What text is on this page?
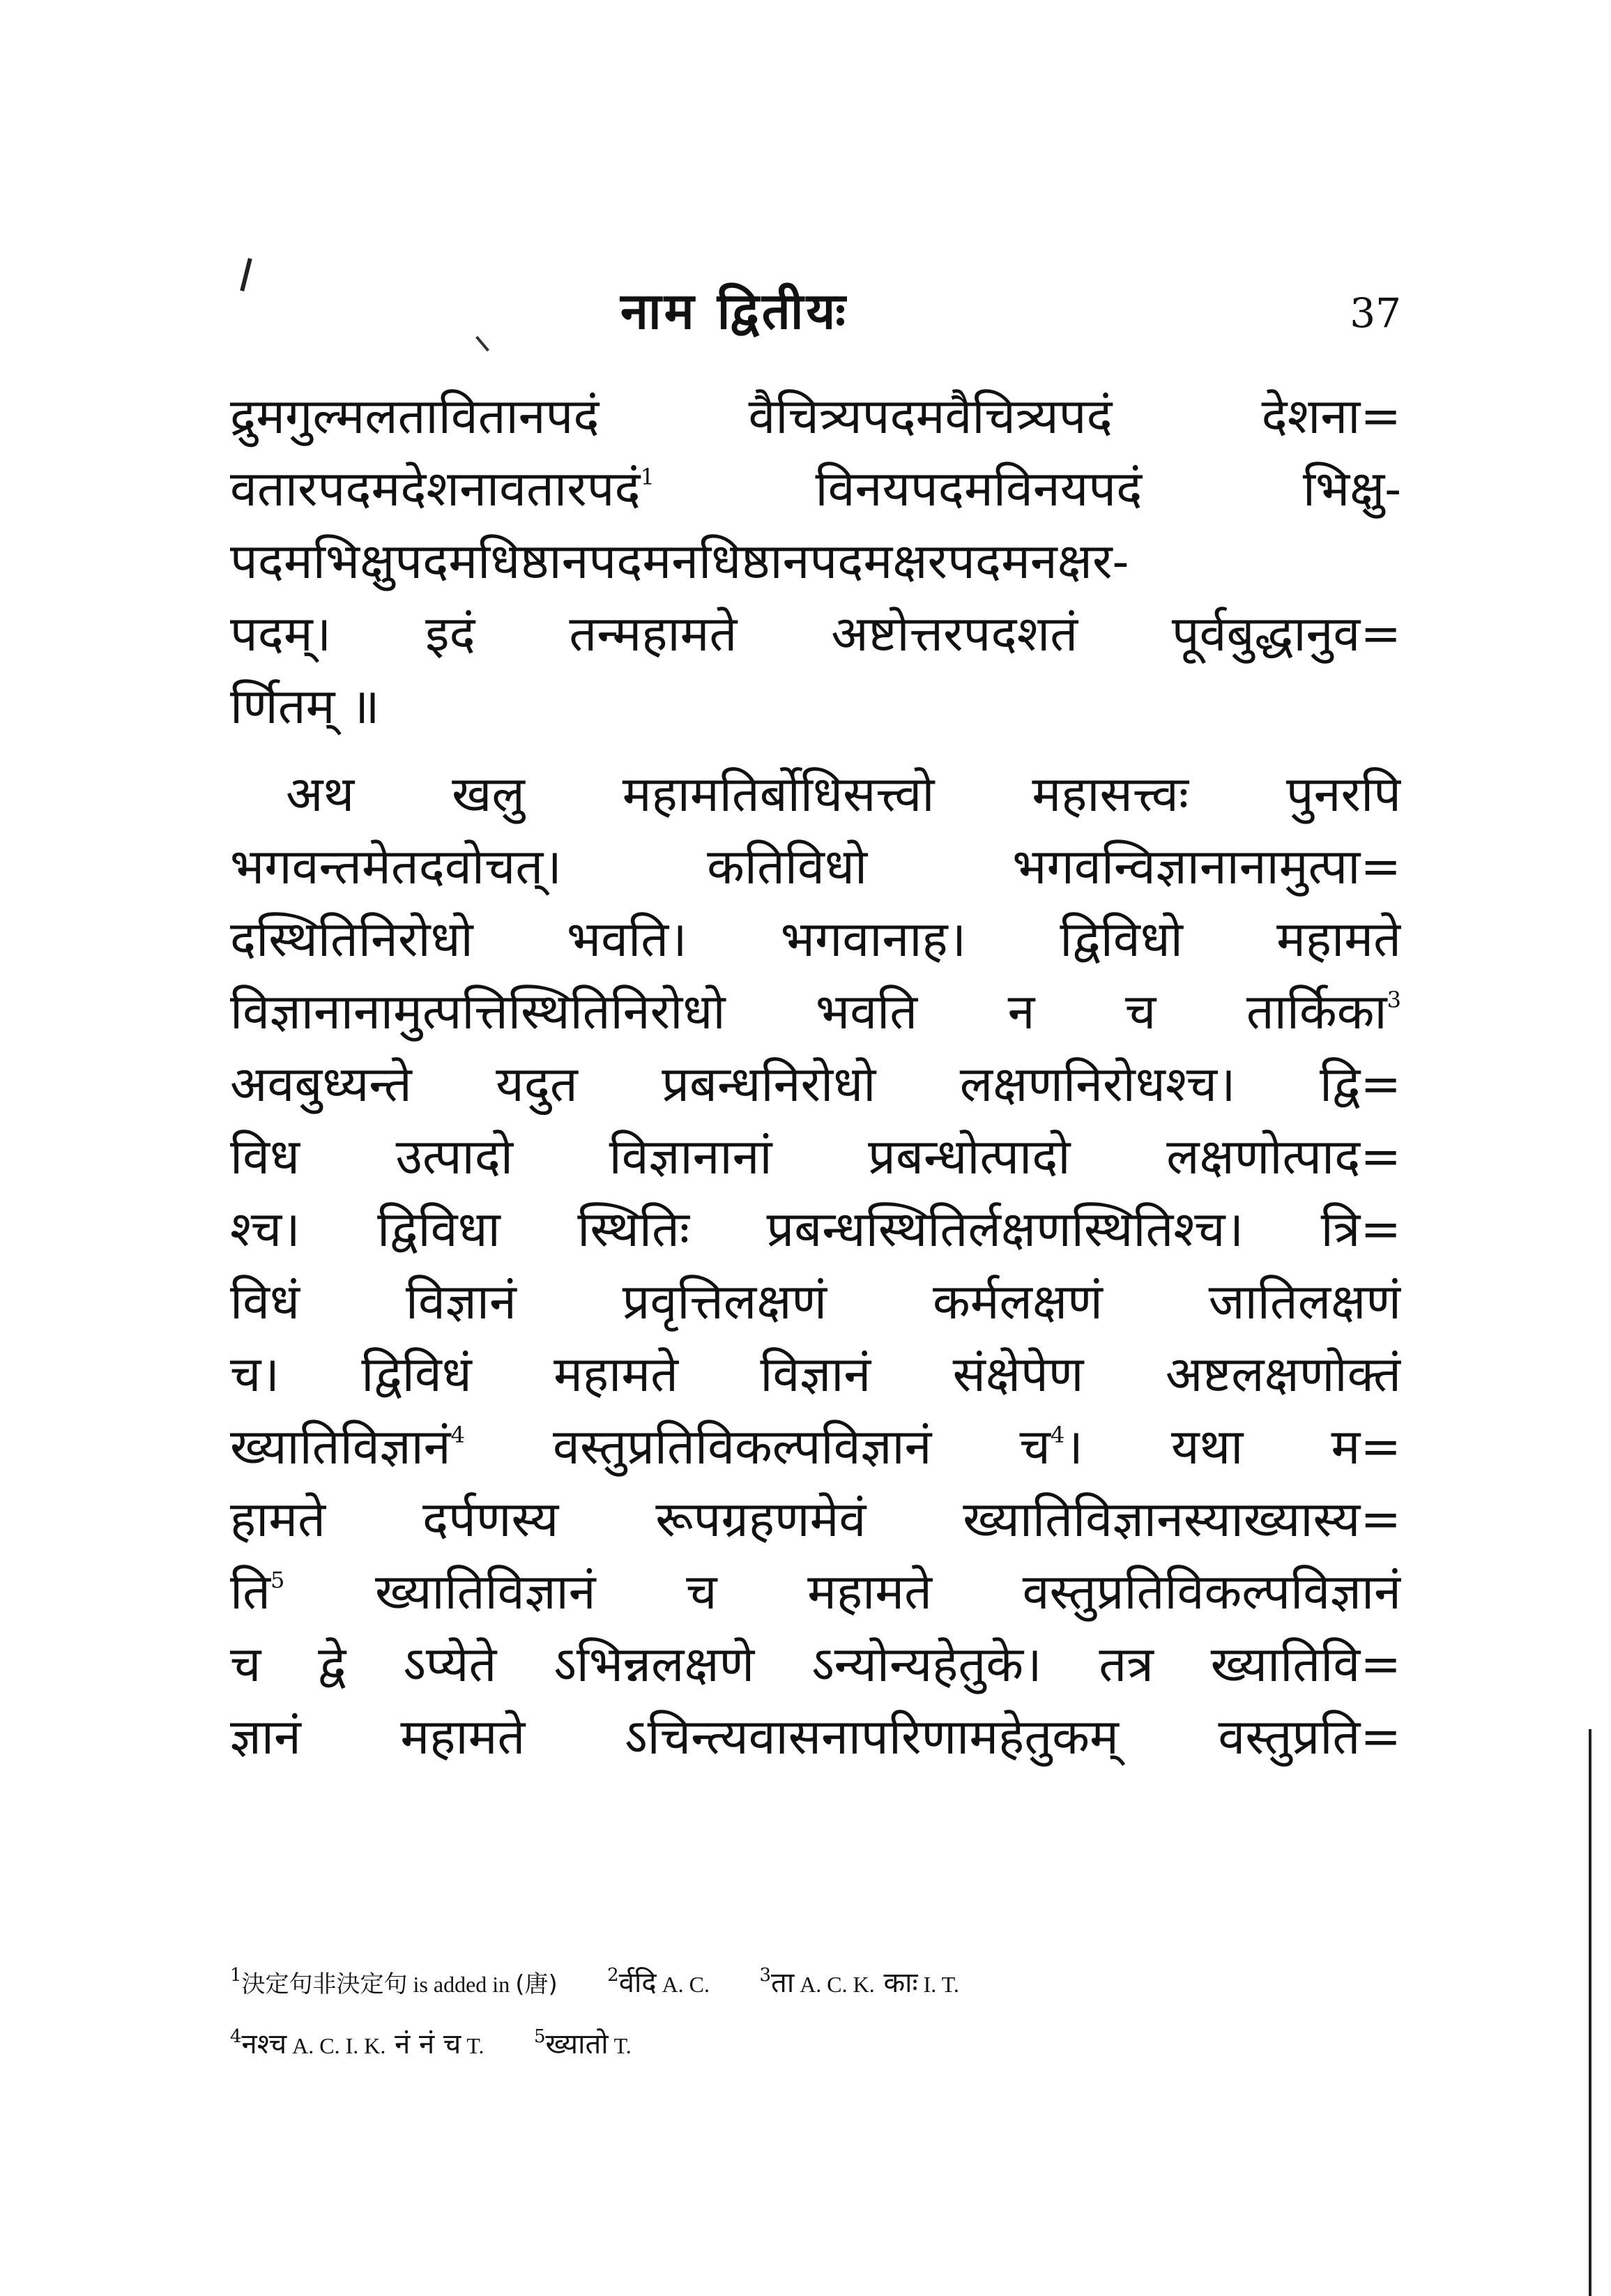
नाम द्वितीयः	37
द्रुमगुल्मलतावितानपदं वैचित्र्यपदमवैचित्र्यपदं देशना=
वतारपदमदेशनावतारपदं$^1$ विनयपदमविनयपदं भिक्षु-
पदमभिक्षुपदमधिष्ठानपदमनधिष्ठानपदमक्षरपदमनक्षर-
पदम्। इदं तन्महामते अष्टोत्तरपदशतं पूर्वबुद्धानुव=
र्णितम् ॥
अथ खलु महामतिर्बोधिसत्त्वो महासत्त्वः पुनरपि
भगवन्तमेतदवोचत्। कतिविधो भगवन्विज्ञानानामुत्पा=
दस्थितिनिरोधो भवति। भगवानाह। द्विविधो महामते
विज्ञानानामुत्पत्तिस्थितिनिरोधो भवति न च तार्किका$^3$
अवबुध्यन्ते यदुत प्रबन्धनिरोधो लक्षणनिरोधश्च। द्वि=
विध उत्पादो विज्ञानानां प्रबन्धोत्पादो लक्षणोत्पाद=
श्च। द्विविधा स्थितिः प्रबन्धस्थितिर्लक्षणस्थितिश्च। त्रि=
विधं विज्ञानं प्रवृत्तिलक्षणं कर्मलक्षणं जातिलक्षणं
च। द्विविधं महामते विज्ञानं संक्षेपेण अष्टलक्षणोक्तं
ख्यातिविज्ञानं$^4$ वस्तुप्रतिविकल्पविज्ञानं च$^4$। यथा म=
हामते दर्पणस्य रूपग्रहणमेवं ख्यातिविज्ञानस्याख्यास्य=
ति$^5$ ख्यातिविज्ञानं च महामते वस्तुप्रतिविकल्पविज्ञानं
च द्वे ऽप्येते ऽभिन्नलक्षणे ऽन्योन्यहेतुके। तत्र ख्यातिवि=
ज्ञानं महामते ऽचिन्त्यवासनापरिणामहेतुकम् वस्तुप्रति=
$^1$決定句非決定句 is added in (唐)	$^2$र्वदि A. C.	$^3$ता A. C. K. काः I. T.
$^4$नश्च A. C. I. K. नं नं च T.	$^5$ख्यातो T.
